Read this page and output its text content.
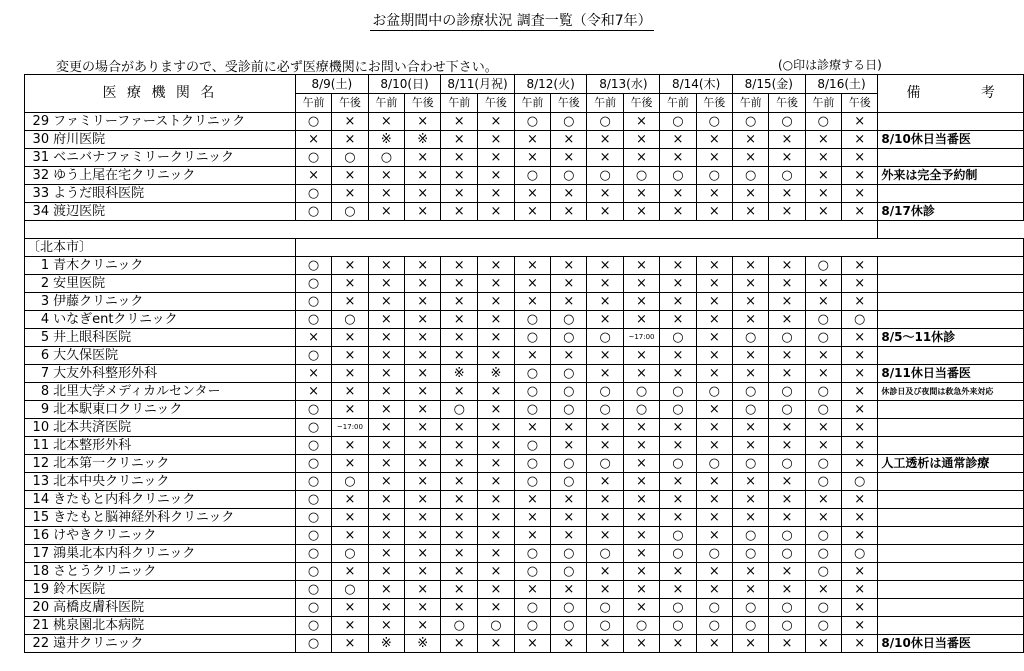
お盆期間中の診療状況 調査一覧（令和7年）
変更の場合がありますので、受診前に必ず医療機関にお問い合わせ下さい。	(○印は診療する日)
医 療 機 関 名		8/9(土)		8/10(日)		8/11(月祝)		8/12(火)		8/13(水)		8/14(木)		8/15(金)		8/16(土)		備 考
		午前	午後	午前	午後	午前	午後	午前	午後	午前	午後	午前	午後	午前	午後	午前	午後	
29	ファミリーファーストクリニック	○	×	×	×	×	×	○	○	○	×	○	○	○	○	○	×	
30	府川医院	×	×	※	※	×	×	×	×	×	×	×	×	×	×	×	×	8/10休日当番医
31	ベニバナファミリークリニック	○	○	○	×	×	×	×	×	×	×	×	×	×	×	×	×	
32	ゆう上尾在宅クリニック	×	×	×	×	×	×	○	○	○	○	○	○	○	○	×	×	外来は完全予約制
33	ようだ眼科医院	○	×	×	×	×	×	×	×	×	×	×	×	×	×	×	×	
34	渡辺医院	○	○	×	×	×	×	×	×	×	×	×	×	×	×	×	×	8/17休診

〔北本市〕																		
1	青木クリニック	○	×	×	×	×	×	×	×	×	×	×	×	×	×	○	×	
2	安里医院	○	×	×	×	×	×	×	×	×	×	×	×	×	×	×	×	
3	伊藤クリニック	○	×	×	×	×	×	×	×	×	×	×	×	×	×	×	×	
4	いなぎentクリニック	○	○	×	×	×	×	○	○	×	×	×	×	×	×	○	○	
5	井上眼科医院	×	×	×	×	×	×	○	○	○	~17:00	○	×	○	○	○	×	8/5～11休診
6	大久保医院	○	×	×	×	×	×	×	×	×	×	×	×	×	×	×	×	
7	大友外科整形外科	×	×	×	×	※	※	○	○	×	×	×	×	×	×	×	×	8/11休日当番医
8	北里大学メディカルセンター	×	×	×	×	×	×	○	○	○	○	○	○	○	○	○	×	休診日及び夜間は救急外来対応
9	北本駅東口クリニック	○	×	×	×	○	×	○	○	○	○	○	×	○	○	○	×	
10	北本共済医院	○	~17:00	×	×	×	×	×	×	×	×	×	×	×	×	×	×	
11	北本整形外科	○	×	×	×	×	×	○	×	×	×	×	×	×	×	×	×	
12	北本第一クリニック	○	×	×	×	×	×	○	○	○	×	○	○	○	○	○	×	人工透析は通常診療
13	北本中央クリニック	○	○	×	×	×	×	○	○	×	×	×	×	×	×	○	○	
14	きたもと内科クリニック	○	×	×	×	×	×	×	×	×	×	×	×	×	×	×	×	
15	きたもと脳神経外科クリニック	○	×	×	×	×	×	×	×	×	×	×	×	×	×	×	×	
16	けやきクリニック	○	×	×	×	×	×	×	×	×	×	○	×	○	○	○	×	
17	鴻巣北本内科クリニック	○	○	×	×	×	×	○	○	○	×	○	○	○	○	○	○	
18	さとうクリニック	○	×	×	×	×	×	○	○	×	×	×	×	×	×	○	×	
19	鈴木医院	○	○	×	×	×	×	×	×	×	×	×	×	×	×	×	×	
20	高橋皮膚科医院	○	×	×	×	×	×	○	○	○	×	○	○	○	○	○	×	
21	桃泉園北本病院	○	×	×	×	○	○	○	○	○	○	○	○	○	○	○	×	
22	遠井クリニック	○	×	※	※	×	×	×	×	×	×	×	×	×	×	×	×	8/10休日当番医
